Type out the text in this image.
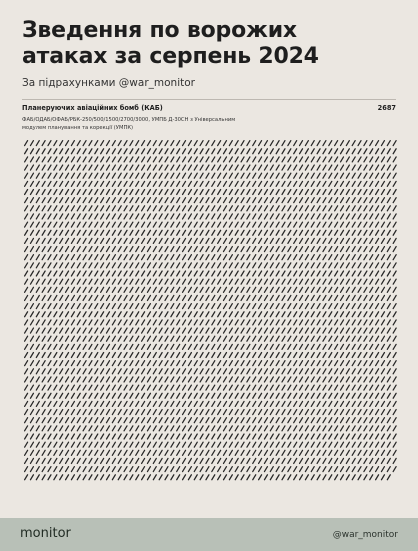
Зведення по ворожих атаках за серпень 2024
За підрахунками @war_monitor
Планеруючих авіаційних бомб (КАБ)	2687
ФАБ/ОДАБ/ОФАБ/РБК-250/500/1500/2700/3000, УМПБ Д-30СН з Універсальним модулем планування та корекції (УМПК)
monitor	@war_monitor
